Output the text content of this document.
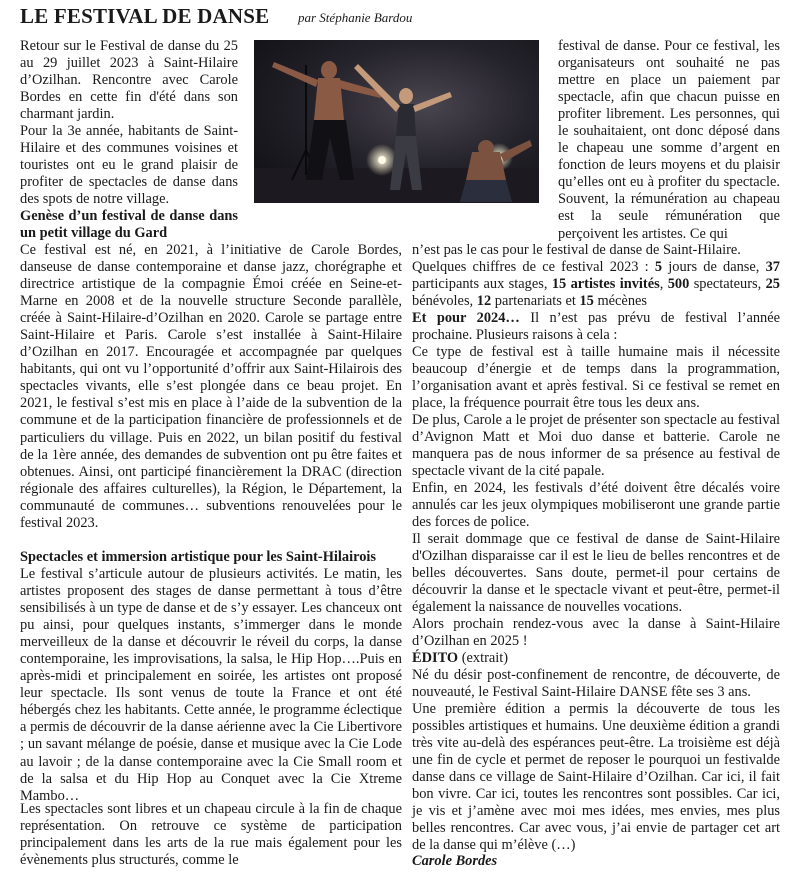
LE FESTIVAL DE DANSE par Stéphanie Bardou

Retour sur le Festival de danse du 25 au 29 juillet 2023 à Saint-Hilaire d’Ozilhan. Rencontre avec Carole Bordes en cette fin d'été dans son charmant jardin.

Pour la 3e année, habitants de Saint-Hilaire et des communes voisines et touristes ont eu le grand plaisir de profiter de spectacles de danse dans des spots de notre village.

Genèse d’un festival de danse dans un petit village du Gard

Ce festival est né, en 2021, à l’initiative de Carole Bordes, danseuse de danse contemporaine et danse jazz, chorégraphe et directrice artistique de la compagnie Émoi créée en Seine-et-Marne en 2008 et de la nouvelle structure Seconde parallèle, créée à Saint-Hilaire-d’Ozilhan en 2020. Carole se partage entre Saint-Hilaire et Paris. Carole s’est installée à Saint-Hilaire d’Ozilhan en 2017. Encouragée et accompagnée par quelques habitants, qui ont vu l’opportunité d’offrir aux Saint-Hilairois des spectacles vivants, elle s’est plongée dans ce beau projet. En 2021, le festival s’est mis en place à l’aide de la subvention de la commune et de la participation financière de professionnels et de particuliers du village. Puis en 2022, un bilan positif du festival de la 1ère année, des demandes de subvention ont pu être faites et obtenues. Ainsi, ont participé financièrement la DRAC (direction régionale des affaires culturelles), la Région, le Département, la communauté de communes… subventions renouvelées pour le festival 2023.

Spectacles et immersion artistique pour les Saint-Hilairois

Le festival s’articule autour de plusieurs activités. Le matin, les artistes proposent des stages de danse permettant à tous d’être sensibilisés à un type de danse et de s’y essayer. Les chanceux ont pu ainsi, pour quelques instants, s’immerger dans le monde merveilleux de la danse et découvrir le réveil du corps, la danse contemporaine, les improvisations, la salsa, le Hip Hop….Puis en après-midi et principalement en soirée, les artistes ont proposé leur spectacle. Ils sont venus de toute la France et ont été hébergés chez les habitants. Cette année, le programme éclectique a permis de découvrir de la danse aérienne avec la Cie Libertivore ; un savant mélange de poésie, danse et musique avec la Cie Lode au lavoir ; de la danse contemporaine avec la Cie Small room et de la salsa et du Hip Hop au Conquet avec la Cie Xtreme Mambo…

Les spectacles sont libres et un chapeau circule à la fin de chaque représentation. On retrouve ce système de participation principalement dans les arts de la rue mais également pour les évènements plus structurés, comme le

festival de danse. Pour ce festival, les organisateurs ont souhaité ne pas mettre en place un paiement par spectacle, afin que chacun puisse en profiter librement. Les personnes, qui le souhaitaient, ont donc déposé dans le chapeau une somme d’argent en fonction de leurs moyens et du plaisir qu’elles ont eu à profiter du spectacle. Souvent, la rémunération au chapeau est la seule rémunération que perçoivent les artistes. Ce qui

n’est pas le cas pour le festival de danse de Saint-Hilaire.

Quelques chiffres de ce festival 2023 : 5 jours de danse, 37 participants aux stages, 15 artistes invités, 500 spectateurs, 25 bénévoles, 12 partenariats et 15 mécènes

Et pour 2024… Il n’est pas prévu de festival l’année prochaine. Plusieurs raisons à cela :

Ce type de festival est à taille humaine mais il nécessite beaucoup d’énergie et de temps dans la programmation, l’organisation avant et après festival. Si ce festival se remet en place, la fréquence pourrait être tous les deux ans.

De plus, Carole a le projet de présenter son spectacle au festival d’Avignon Matt et Moi duo danse et batterie. Carole ne manquera pas de nous informer de sa présence au festival de spectacle vivant de la cité papale.

Enfin, en 2024, les festivals d’été doivent être décalés voire annulés car les jeux olympiques mobiliseront une grande partie des forces de police.

Il serait dommage que ce festival de danse de Saint-Hilaire d'Ozilhan disparaisse car il est le lieu de belles rencontres et de belles découvertes. Sans doute, permet-il pour certains de découvrir la danse et le spectacle vivant et peut-être, permet-il également la naissance de nouvelles vocations.

Alors prochain rendez-vous avec la danse à Saint-Hilaire d’Ozilhan en 2025 !

ÉDITO (extrait)

Né du désir post-confinement de rencontre, de découverte, de nouveauté, le Festival Saint-Hilaire DANSE fête ses 3 ans.

Une première édition a permis la découverte de tous les possibles artistiques et humains. Une deuxième édition a grandi très vite au-delà des espérances peut-être. La troisième est déjà une fin de cycle et permet de reposer le pourquoi un festivalde danse dans ce village de Saint-Hilaire d’Ozilhan. Car ici, il fait bon vivre. Car ici, toutes les rencontres sont possibles. Car ici, je vis et j’amène avec moi mes idées, mes envies, mes plus belles rencontres. Car avec vous, j’ai envie de partager cet art de la danse qui m’élève (…)

Carole Bordes
